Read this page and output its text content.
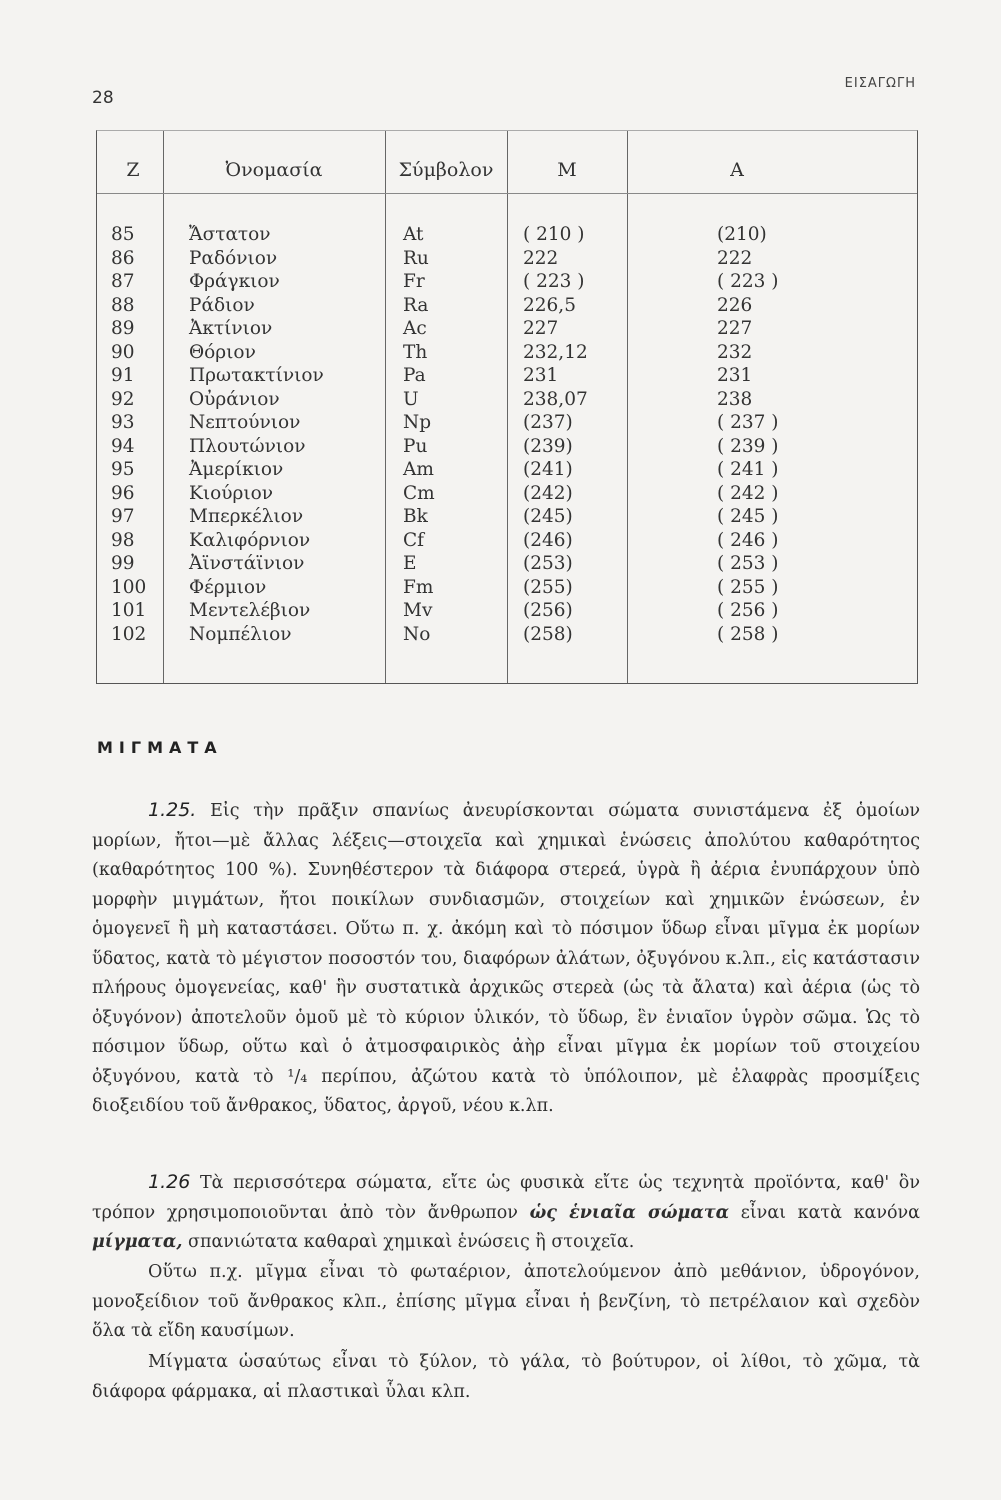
28
ΕΙΣΑΓΩΓΗ
Z	Ὀνομασία	Σύμβολον	M	A
85	Ἄστατον	At	( 210 )	(210)
86	Ραδόνιον	Ru	222	222
87	Φράγκιον	Fr	( 223 )	( 223 )
88	Ράδιον	Ra	226,5	226
89	Ἀκτίνιον	Ac	227	227
90	Θόριον	Th	232,12	232
91	Πρωτακτίνιον	Pa	231	231
92	Οὐράνιον	U	238,07	238
93	Νεπτούνιον	Np	(237)	( 237 )
94	Πλουτώνιον	Pu	(239)	( 239 )
95	Ἀμερίκιον	Am	(241)	( 241 )
96	Κιούριον	Cm	(242)	( 242 )
97	Μπερκέλιον	Bk	(245)	( 245 )
98	Καλιφόρνιον	Cf	(246)	( 246 )
99	Ἀϊνστάϊνιον	E	(253)	( 253 )
100	Φέρμιον	Fm	(255)	( 255 )
101	Μεντελέβιον	Mv	(256)	( 256 )
102	Νομπέλιον	No	(258)	( 258 )
ΜΙΓΜΑΤΑ
1.25. Εἰς τὴν πρᾶξιν σπανίως ἀνευρίσκονται σώματα συνιστάμενα ἐξ ὁμοίων μορίων, ἤτοι—μὲ ἄλλας λέξεις—στοιχεῖα καὶ χημικαὶ ἑνώσεις ἀπολύτου καθαρότητος (καθαρότητος 100 %). Συνηθέστερον τὰ διάφορα στερεά, ὑγρὰ ἢ ἀέρια ἐνυπάρχουν ὑπὸ μορφὴν μιγμάτων, ἤτοι ποικίλων συνδιασμῶν, στοιχείων καὶ χημικῶν ἑνώσεων, ἐν ὁμογενεῖ ἢ μὴ καταστάσει. Οὕτω π. χ. ἀκόμη καὶ τὸ πόσιμον ὕδωρ εἶναι μῖγμα ἐκ μορίων ὕδατος, κατὰ τὸ μέγιστον ποσοστόν του, διαφόρων ἀλάτων, ὀξυγόνου κ.λπ., εἰς κατάστασιν πλήρους ὁμογενείας, καθ' ἣν συστατικὰ ἀρχικῶς στερεὰ (ὡς τὰ ἄλατα) καὶ ἀέρια (ὡς τὸ ὀξυγόνον) ἀποτελοῦν ὁμοῦ μὲ τὸ κύριον ὑλικόν, τὸ ὕδωρ, ἓν ἑνιαῖον ὑγρὸν σῶμα. Ὡς τὸ πόσιμον ὕδωρ, οὕτω καὶ ὁ ἀτμοσφαιρικὸς ἀὴρ εἶναι μῖγμα ἐκ μορίων τοῦ στοιχείου ὀξυγόνου, κατὰ τὸ ¹/₄ περίπου, ἀζώτου κατὰ τὸ ὑπόλοιπον, μὲ ἐλαφρὰς προσμίξεις διοξειδίου τοῦ ἄνθρακος, ὕδατος, ἀργοῦ, νέου κ.λπ.
1.26 Τὰ περισσότερα σώματα, εἴτε ὡς φυσικὰ εἴτε ὡς τεχνητὰ προϊόντα, καθ' ὃν τρόπον χρησιμοποιοῦνται ἀπὸ τὸν ἄνθρωπον ὡς ἑνιαῖα σώματα εἶναι κατὰ κανόνα μίγματα, σπανιώτατα καθαραὶ χημικαὶ ἑνώσεις ἢ στοιχεῖα.
Οὕτω π.χ. μῖγμα εἶναι τὸ φωταέριον, ἀποτελούμενον ἀπὸ μεθάνιον, ὑδρογόνον, μονοξείδιον τοῦ ἄνθρακος κλπ., ἐπίσης μῖγμα εἶναι ἡ βενζίνη, τὸ πετρέλαιον καὶ σχεδὸν ὅλα τὰ εἴδη καυσίμων.
Μίγματα ὡσαύτως εἶναι τὸ ξύλον, τὸ γάλα, τὸ βούτυρον, οἱ λίθοι, τὸ χῶμα, τὰ διάφορα φάρμακα, αἱ πλαστικαὶ ὗλαι κλπ.
